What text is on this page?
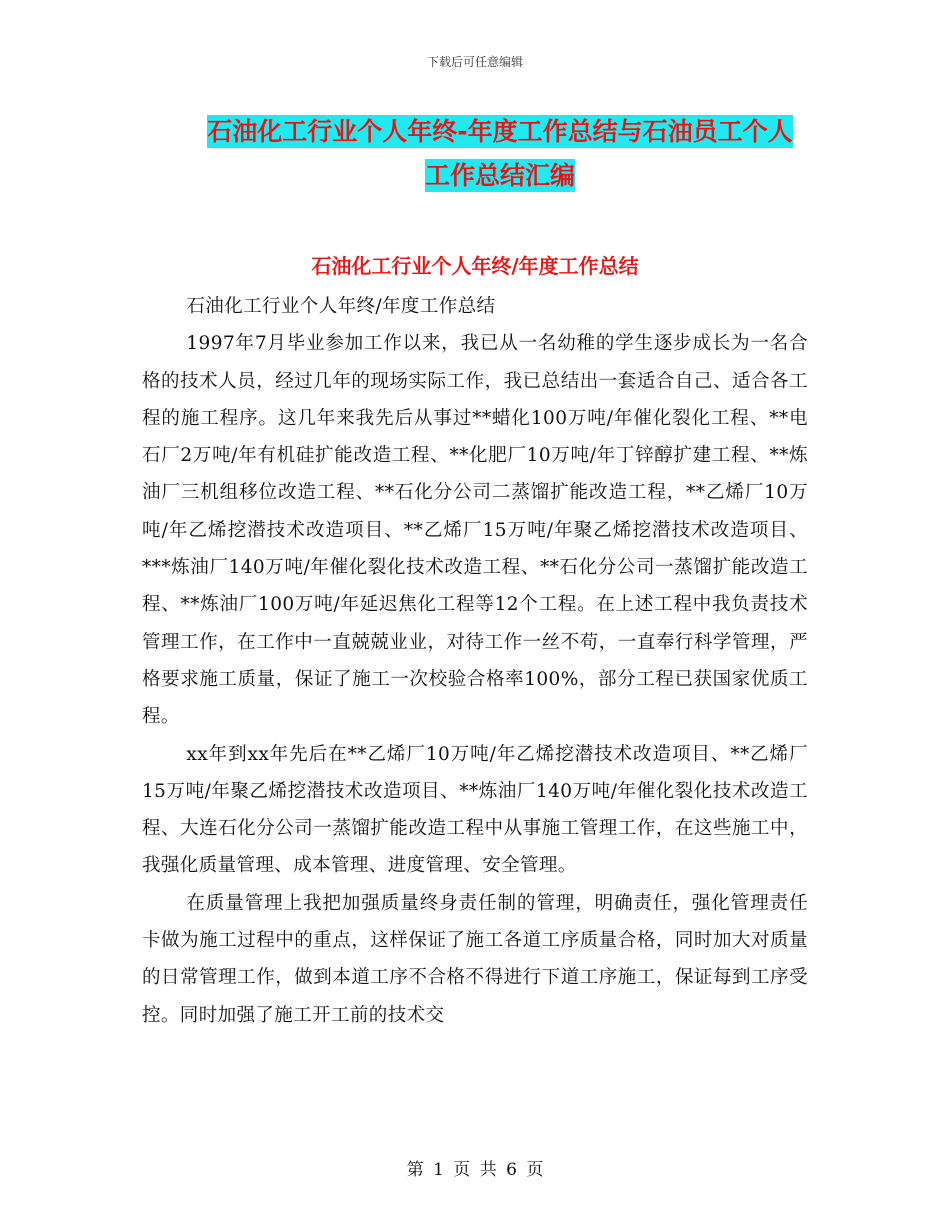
下载后可任意编辑
石油化工行业个人年终-年度工作总结与石油员工个人
工作总结汇编
石油化工行业个人年终/年度工作总结

石油化工行业个人年终/年度工作总结

1997年7月毕业参加工作以来，我已从一名幼稚的学生逐步成长为一名合格的技术人员，经过几年的现场实际工作，我已总结出一套适合自己、适合各工程的施工程序。这几年来我先后从事过**蜡化100万吨/年催化裂化工程、**电石厂2万吨/年有机硅扩能改造工程、**化肥厂10万吨/年丁锌醇扩建工程、**炼油厂三机组移位改造工程、**石化分公司二蒸馏扩能改造工程，**乙烯厂10万吨/年乙烯挖潜技术改造项目、**乙烯厂15万吨/年聚乙烯挖潜技术改造项目、***炼油厂140万吨/年催化裂化技术改造工程、**石化分公司一蒸馏扩能改造工程、**炼油厂100万吨/年延迟焦化工程等12个工程。在上述工程中我负责技术管理工作，在工作中一直兢兢业业，对待工作一丝不苟，一直奉行科学管理，严格要求施工质量，保证了施工一次校验合格率100%，部分工程已获国家优质工程。

xx年到xx年先后在**乙烯厂10万吨/年乙烯挖潜技术改造项目、**乙烯厂15万吨/年聚乙烯挖潜技术改造项目、**炼油厂140万吨/年催化裂化技术改造工程、大连石化分公司一蒸馏扩能改造工程中从事施工管理工作，在这些施工中，我强化质量管理、成本管理、进度管理、安全管理。

在质量管理上我把加强质量终身责任制的管理，明确责任，强化管理责任卡做为施工过程中的重点，这样保证了施工各道工序质量合格，同时加大对质量的日常管理工作，做到本道工序不合格不得进行下道工序施工，保证每到工序受控。同时加强了施工开工前的技术交

第 1 页 共 6 页
